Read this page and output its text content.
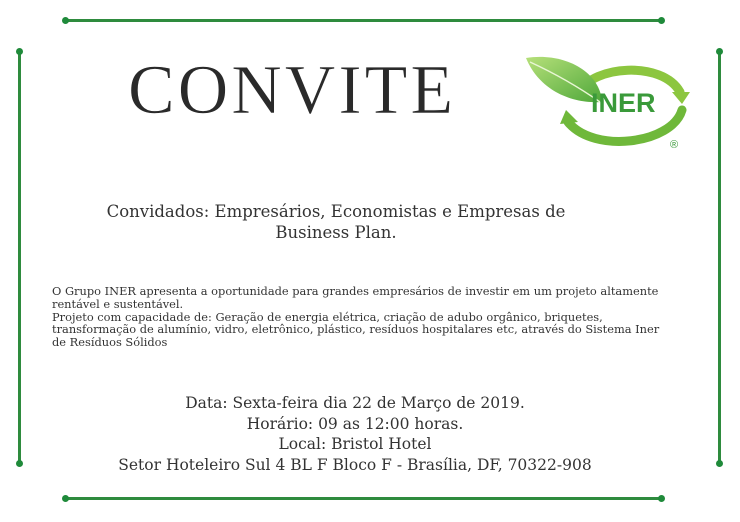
CONVITE	INER
®
Convidados: Empresários, Economistas e Empresas de
Business Plan.
O Grupo INER apresenta a oportunidade para grandes empresários de investir em um projeto altamente
rentável e sustentável.
Projeto com capacidade de: Geração de energia elétrica, criação de adubo orgânico, briquetes,
transformação de alumínio, vidro, eletrônico, plástico, resíduos hospitalares etc, através do Sistema Iner
de Resíduos Sólidos
Data: Sexta-feira dia 22 de Março de 2019.
Horário: 09 as 12:00 horas.
Local: Bristol Hotel
Setor Hoteleiro Sul 4 BL F Bloco F - Brasília, DF, 70322-908
